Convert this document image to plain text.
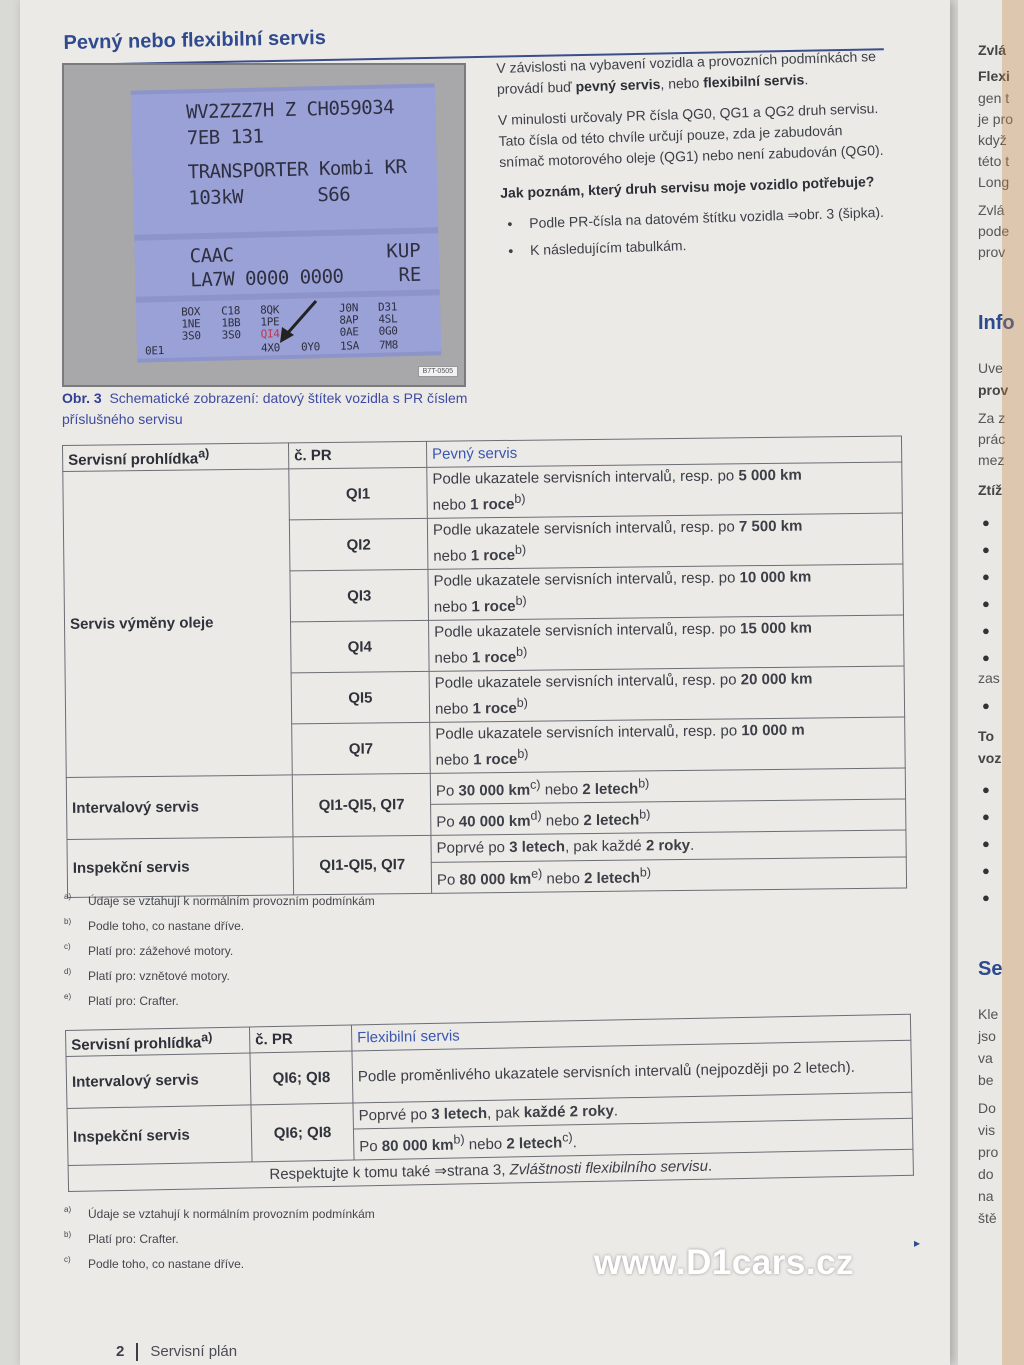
Zvlá
Flexi
gen t
je pro
když
této t
Long
Zvlá
pode
prov
Info
Uve
prov
Za z
prác
mez
Ztíž
●
●
●
●
●
●
zas
●
To
voz
●
●
●
●
●
Se
Kle
jso
va
be
Do
vis
pro
do
na
ště
Pevný nebo flexibilní servis
WV2ZZZ7H Z CH059034
7EB 131
TRANSPORTER Kombi KR
103kW	S66
CAAC	KUP
LA7W 0000 0000	RE
BOX C18 8QK	J0N D31
1NE 1BB 1PE	8AP 4SL
3S0 3S0 QI4	0AE 0G0
0E1	4X0 0Y0 1SA 7M8
B7T-0505
Obr. 3 Schematické zobrazení: datový štítek vozidla s PR číslem příslušného servisu

V závislosti na vybavení vozidla a provozních podmínkách se provádí buď pevný servis, nebo flexibilní servis.

V minulosti určovaly PR čísla QG0, QG1 a QG2 druh servisu. Tato čísla od této chvíle určují pouze, zda je zabudován snímač motorového oleje (QG1) nebo není zabudován (QG0).

Jak poznám, který druh servisu moje vozidlo potřebuje?

● Podle PR-čísla na datovém štítku vozidla ⇒obr. 3 (šipka).
● K následujícím tabulkám.
Servisní prohlídka$^{a)}$	č. PR	Pevný servis
Servis výměny oleje	QI1	Podle ukazatele servisních intervalů, resp. po 5 000 km
nebo 1 roce$^{b)}$
	QI2	Podle ukazatele servisních intervalů, resp. po 7 500 km
nebo 1 roce$^{b)}$
	QI3	Podle ukazatele servisních intervalů, resp. po 10 000 km
nebo 1 roce$^{b)}$
	QI4	Podle ukazatele servisních intervalů, resp. po 15 000 km
nebo 1 roce$^{b)}$
	QI5	Podle ukazatele servisních intervalů, resp. po 20 000 km
nebo 1 roce$^{b)}$
	QI7	Podle ukazatele servisních intervalů, resp. po 10 000 m
nebo 1 roce$^{b)}$
Intervalový servis	QI1-QI5, QI7	Po 30 000 $km^{c)}$ nebo 2 letech$^{b)}$
		Po 40 000 $km^{d)}$ nebo 2 letech$^{b)}$
Inspekční servis	QI1-QI5, QI7	Poprvé po 3 letech, pak každé 2 roky.
		Po 80 000 $km^{e)}$ nebo 2 letech$^{b)}$
a) Údaje se vztahují k normálním provozním podmínkám
b) Podle toho, co nastane dříve.
c) Platí pro: zážehové motory.
d) Platí pro: vznětové motory.
e) Platí pro: Crafter.
Servisní prohlídka$^{a)}$	č. PR	Flexibilní servis
Intervalový servis	QI6; QI8	Podle proměnlivého ukazatele servisních intervalů (nejpozději po 2 letech).
Inspekční servis	QI6; QI8	Poprvé po 3 letech, pak každé 2 roky.
		Po 80 000 $km^{b)}$ nebo 2 letech$^{c)}$.
Respektujte k tomu také ⇒strana 3, Zvláštnosti flexibilního servisu.		
a) Údaje se vztahují k normálním provozním podmínkám
b) Platí pro: Crafter.
c) Podle toho, co nastane dříve.
▸
www.D1cars.cz
2 Servisní plán
